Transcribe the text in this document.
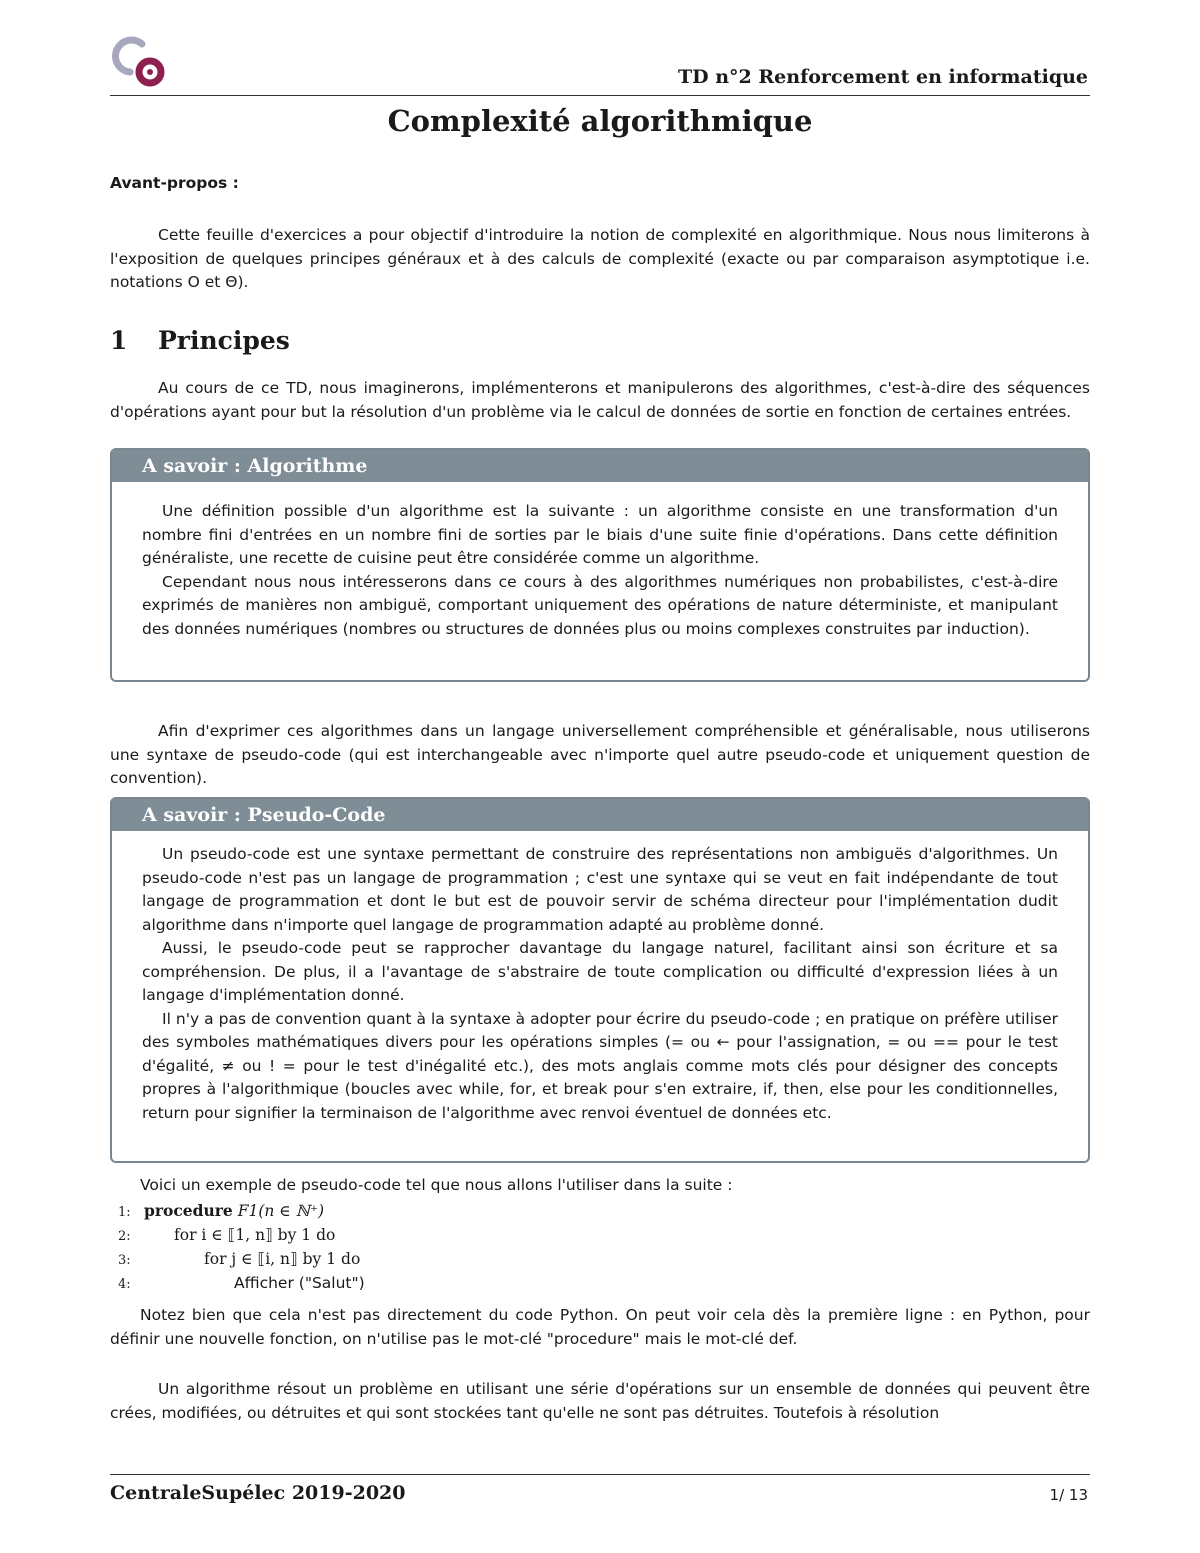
TD n°2 Renforcement en informatique
Complexité algorithmique
Avant-propos :
Cette feuille d'exercices a pour objectif d'introduire la notion de complexité en algorithmique. Nous nous limiterons à l'exposition de quelques principes généraux et à des calculs de complexité (exacte ou par comparaison asymptotique i.e. notations O et Θ).
1 Principes
Au cours de ce TD, nous imaginerons, implémenterons et manipulerons des algorithmes, c'est-à-dire des séquences d'opérations ayant pour but la résolution d'un problème via le calcul de données de sortie en fonction de certaines entrées.
A savoir : Algorithme

Une définition possible d'un algorithme est la suivante : un algorithme consiste en une transformation d'un nombre fini d'entrées en un nombre fini de sorties par le biais d'une suite finie d'opérations. Dans cette définition généraliste, une recette de cuisine peut être considérée comme un algorithme.

Cependant nous nous intéresserons dans ce cours à des algorithmes numériques non probabilistes, c'est-à-dire exprimés de manières non ambiguë, comportant uniquement des opérations de nature déterministe, et manipulant des données numériques (nombres ou structures de données plus ou moins complexes construites par induction).

Afin d'exprimer ces algorithmes dans un langage universellement compréhensible et généralisable, nous utiliserons une syntaxe de pseudo-code (qui est interchangeable avec n'importe quel autre pseudo-code et uniquement question de convention).
A savoir : Pseudo-Code

Un pseudo-code est une syntaxe permettant de construire des représentations non ambiguës d'algorithmes. Un pseudo-code n'est pas un langage de programmation ; c'est une syntaxe qui se veut en fait indépendante de tout langage de programmation et dont le but est de pouvoir servir de schéma directeur pour l'implémentation dudit algorithme dans n'importe quel langage de programmation adapté au problème donné.

Aussi, le pseudo-code peut se rapprocher davantage du langage naturel, facilitant ainsi son écriture et sa compréhension. De plus, il a l'avantage de s'abstraire de toute complication ou difficulté d'expression liées à un langage d'implémentation donné.

Il n'y a pas de convention quant à la syntaxe à adopter pour écrire du pseudo-code ; en pratique on préfère utiliser des symboles mathématiques divers pour les opérations simples (= ou ← pour l'assignation, = ou == pour le test d'égalité, ≠ ou ! = pour le test d'inégalité etc.), des mots anglais comme mots clés pour désigner des concepts propres à l'algorithmique (boucles avec while, for, et break pour s'en extraire, if, then, else pour les conditionnelles, return pour signifier la terminaison de l'algorithme avec renvoi éventuel de données etc.

Voici un exemple de pseudo-code tel que nous allons l'utiliser dans la suite :
1: procedure F1(n ∈ ℕ⁺)
2:	for i ∈ ⟦1, n⟧ by 1 do
3:	for j ∈ ⟦i, n⟧ by 1 do
4:	Afficher ("Salut")
Notez bien que cela n'est pas directement du code Python. On peut voir cela dès la première ligne : en Python, pour définir une nouvelle fonction, on n'utilise pas le mot-clé "procedure" mais le mot-clé def.
Un algorithme résout un problème en utilisant une série d'opérations sur un ensemble de données qui peuvent être crées, modifiées, ou détruites et qui sont stockées tant qu'elle ne sont pas détruites. Toutefois à résolution
CentraleSupélec 2019-2020	1/ 13
